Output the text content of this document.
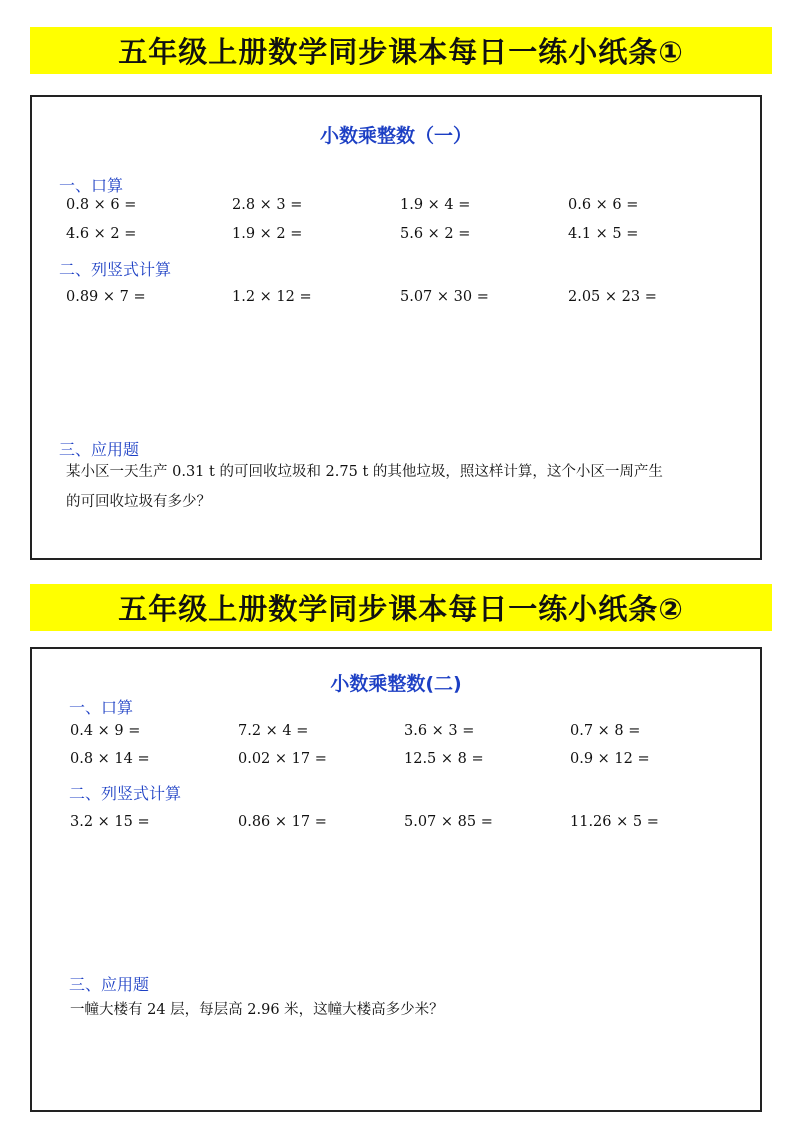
五年级上册数学同步课本每日一练小纸条①
小数乘整数（一）
一、口算
0.8 × 6 =	2.8 × 3 =	1.9 × 4 =	0.6 × 6 =
4.6 × 2 =	1.9 × 2 =	5.6 × 2 =	4.1 × 5 =
二、列竖式计算
0.89 × 7 =	1.2 × 12 =	5.07 × 30 =	2.05 × 23 =
三、应用题
某小区一天生产 0.31 t 的可回收垃圾和 2.75 t 的其他垃圾，照这样计算，这个小区一周产生
的可回收垃圾有多少？
五年级上册数学同步课本每日一练小纸条②
小数乘整数(二)
一、口算
0.4 × 9 =	7.2 × 4 =	3.6 × 3 =	0.7 × 8 =
0.8 × 14 =	0.02 × 17 =	12.5 × 8 =	0.9 × 12 =
二、列竖式计算
3.2 × 15 =	0.86 × 17 =	5.07 × 85 =	11.26 × 5 =
三、应用题
一幢大楼有 24 层，每层高 2.96 米，这幢大楼高多少米？
